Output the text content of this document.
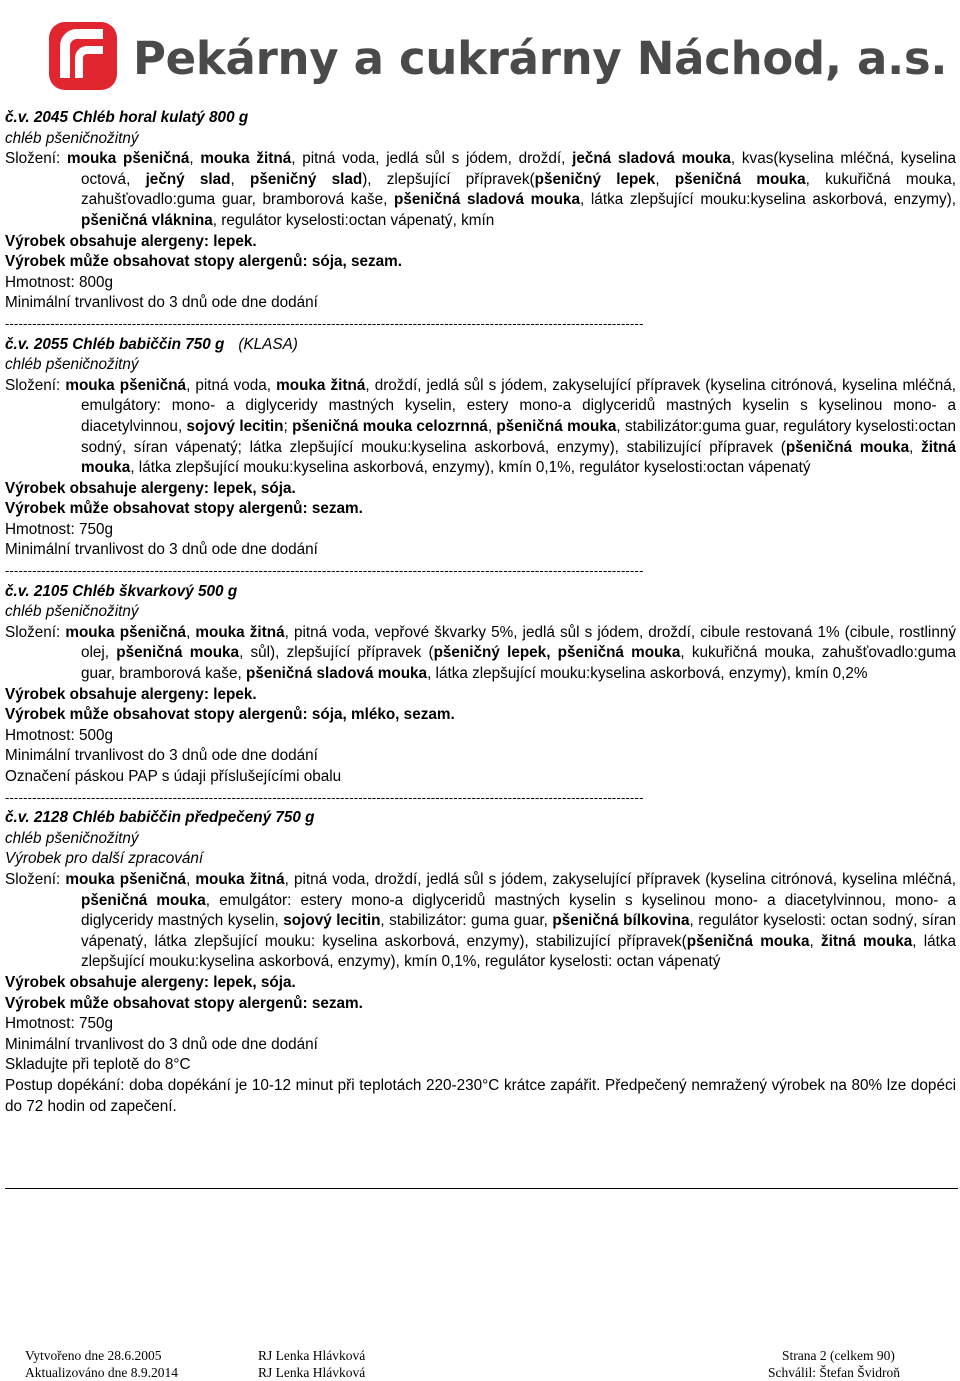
Pekárny a cukrárny Náchod, a.s.
č.v. 2045 Chléb horal kulatý 800 g
chléb pšeničnožitný
Složení: mouka pšeničná, mouka žitná, pitná voda, jedlá sůl s jódem, droždí, ječná sladová mouka, kvas(kyselina mléčná, kyselina octová, ječný slad, pšeničný slad), zlepšující přípravek(pšeničný lepek, pšeničná mouka, kukuřičná mouka, zahušťovadlo:guma guar, bramborová kaše, pšeničná sladová mouka, látka zlepšující mouku:kyselina askorbová, enzymy), pšeničná vláknina, regulátor kyselosti:octan vápenatý, kmín
Výrobek obsahuje alergeny: lepek.
Výrobek může obsahovat stopy alergenů: sója, sezam.
Hmotnost: 800g
Minimální trvanlivost do 3 dnů ode dne dodání
---------------------------------------------------------------------------------------------------------------------------------------------
č.v. 2055 Chléb babiččin 750 g (KLASA)
chléb pšeničnožitný
Složení: mouka pšeničná, pitná voda, mouka žitná, droždí, jedlá sůl s jódem, zakyselující přípravek (kyselina citrónová, kyselina mléčná, emulgátory: mono- a diglyceridy mastných kyselin, estery mono-a diglyceridů mastných kyselin s kyselinou mono- a diacetylvinnou, sojový lecitin; pšeničná mouka celozrnná, pšeničná mouka, stabilizátor:guma guar, regulátory kyselosti:octan sodný, síran vápenatý; látka zlepšující mouku:kyselina askorbová, enzymy), stabilizující přípravek (pšeničná mouka, žitná mouka, látka zlepšující mouku:kyselina askorbová, enzymy), kmín 0,1%, regulátor kyselosti:octan vápenatý
Výrobek obsahuje alergeny: lepek, sója.
Výrobek může obsahovat stopy alergenů: sezam.
Hmotnost: 750g
Minimální trvanlivost do 3 dnů ode dne dodání
---------------------------------------------------------------------------------------------------------------------------------------------
č.v. 2105 Chléb škvarkový 500 g
chléb pšeničnožitný
Složení: mouka pšeničná, mouka žitná, pitná voda, vepřové škvarky 5%, jedlá sůl s jódem, droždí, cibule restovaná 1% (cibule, rostlinný olej, pšeničná mouka, sůl), zlepšující přípravek (pšeničný lepek, pšeničná mouka, kukuřičná mouka, zahušťovadlo:guma guar, bramborová kaše, pšeničná sladová mouka, látka zlepšující mouku:kyselina askorbová, enzymy), kmín 0,2%
Výrobek obsahuje alergeny: lepek.
Výrobek může obsahovat stopy alergenů: sója, mléko, sezam.
Hmotnost: 500g
Minimální trvanlivost do 3 dnů ode dne dodání
Označení páskou PAP s údaji příslušejícími obalu
---------------------------------------------------------------------------------------------------------------------------------------------
č.v. 2128 Chléb babiččin předpečený 750 g
chléb pšeničnožitný
Výrobek pro další zpracování
Složení: mouka pšeničná, mouka žitná, pitná voda, droždí, jedlá sůl s jódem, zakyselující přípravek (kyselina citrónová, kyselina mléčná, pšeničná mouka, emulgátor: estery mono-a diglyceridů mastných kyselin s kyselinou mono- a diacetylvinnou, mono- a diglyceridy mastných kyselin, sojový lecitin, stabilizátor: guma guar, pšeničná bílkovina, regulátor kyselosti: octan sodný, síran vápenatý, látka zlepšující mouku: kyselina askorbová, enzymy), stabilizující přípravek(pšeničná mouka, žitná mouka, látka zlepšující mouku:kyselina askorbová, enzymy), kmín 0,1%, regulátor kyselosti: octan vápenatý
Výrobek obsahuje alergeny: lepek, sója.
Výrobek může obsahovat stopy alergenů: sezam.
Hmotnost: 750g
Minimální trvanlivost do 3 dnů ode dne dodání
Skladujte při teplotě do 8°C
Postup dopékání: doba dopékání je 10-12 minut při teplotách 220-230°C krátce zapářit. Předpečený nemražený výrobek na 80% lze dopéci do 72 hodin od zapečení.
Vytvořeno dne 28.6.2005
Aktualizováno dne 8.9.2014
RJ Lenka Hlávková
RJ Lenka Hlávková
Strana 2 (celkem 90)
Schválil: Štefan Švidroň
